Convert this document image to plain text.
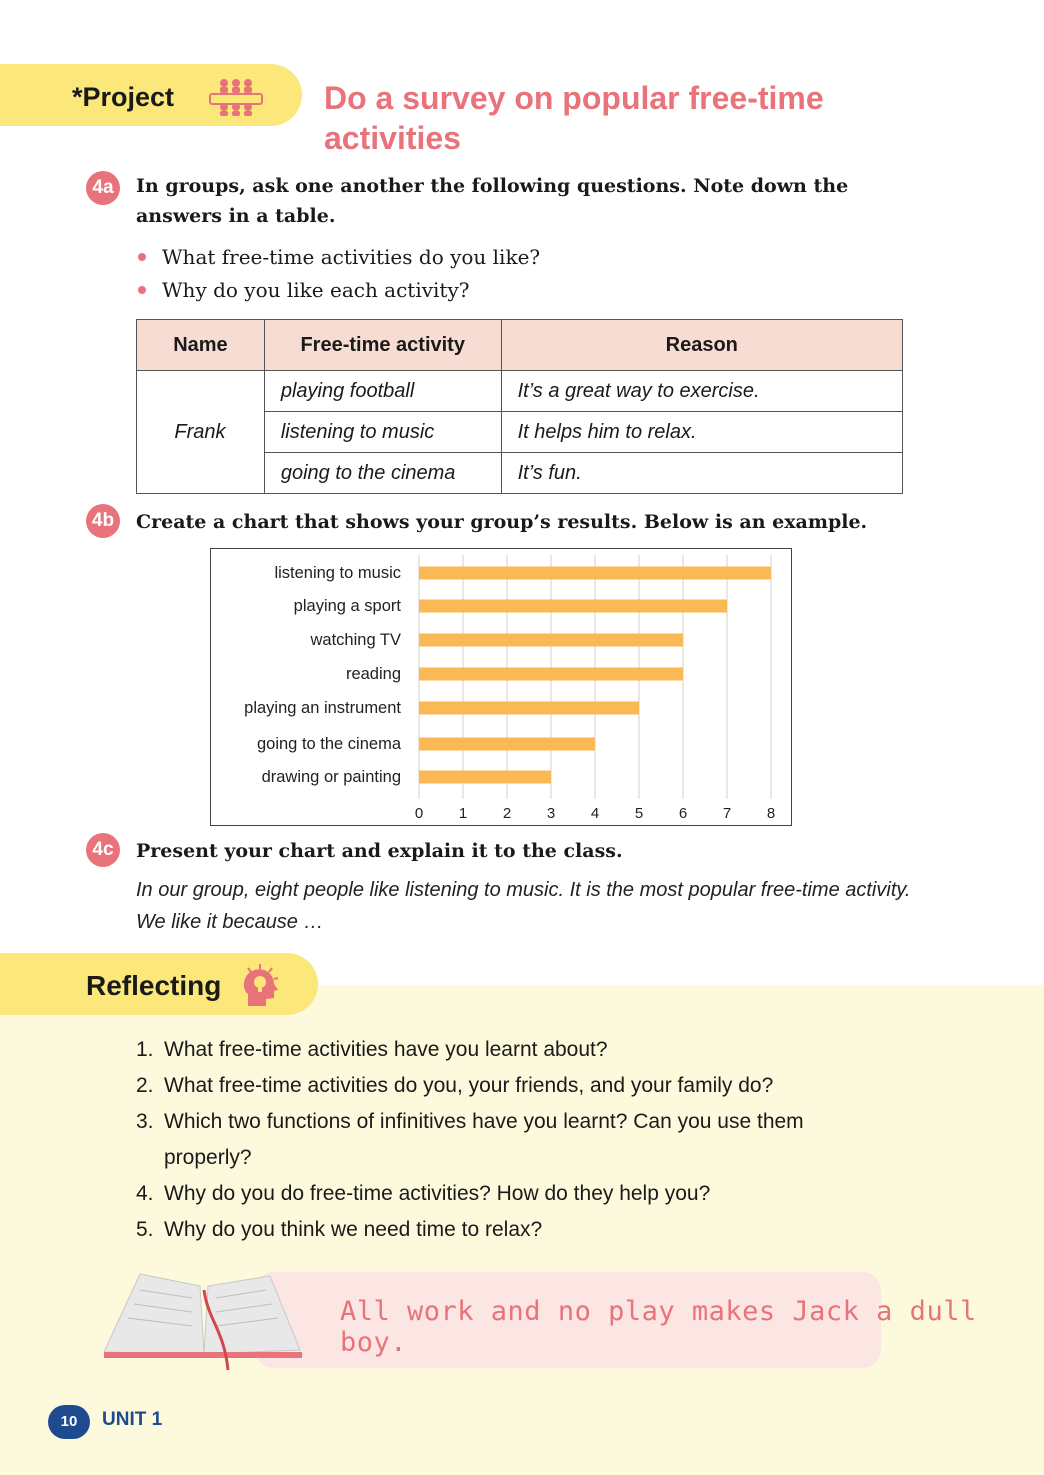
*Project	Do a survey on popular free-time activities
4a	In groups, ask one another the following questions. Note down the answers in a table.
What free-time activities do you like?
Why do you like each activity?
Name	Free-time activity	Reason
Frank	playing football	It’s a great way to exercise.
	listening to music	It helps him to relax.
	going to the cinema	It’s fun.
4b	Create a chart that shows your group’s results. Below is an example.
0 1 2 3 4 5 6 7 8
listening to music
playing a sport
watching TV
reading
playing an instrument
going to the cinema
drawing or painting
4c	Present your chart and explain it to the class.
In our group, eight people like listening to music. It is the most popular free-time activity.
We like it because …
Reflecting
1. What free-time activities have you learnt about?
2. What free-time activities do you, your friends, and your family do?
3. Which two functions of infinitives have you learnt? Can you use them properly?
4. Why do you do free-time activities? How do they help you?
5. Why do you think we need time to relax?
All work and no play makes Jack a dull boy.
10	UNIT 1
